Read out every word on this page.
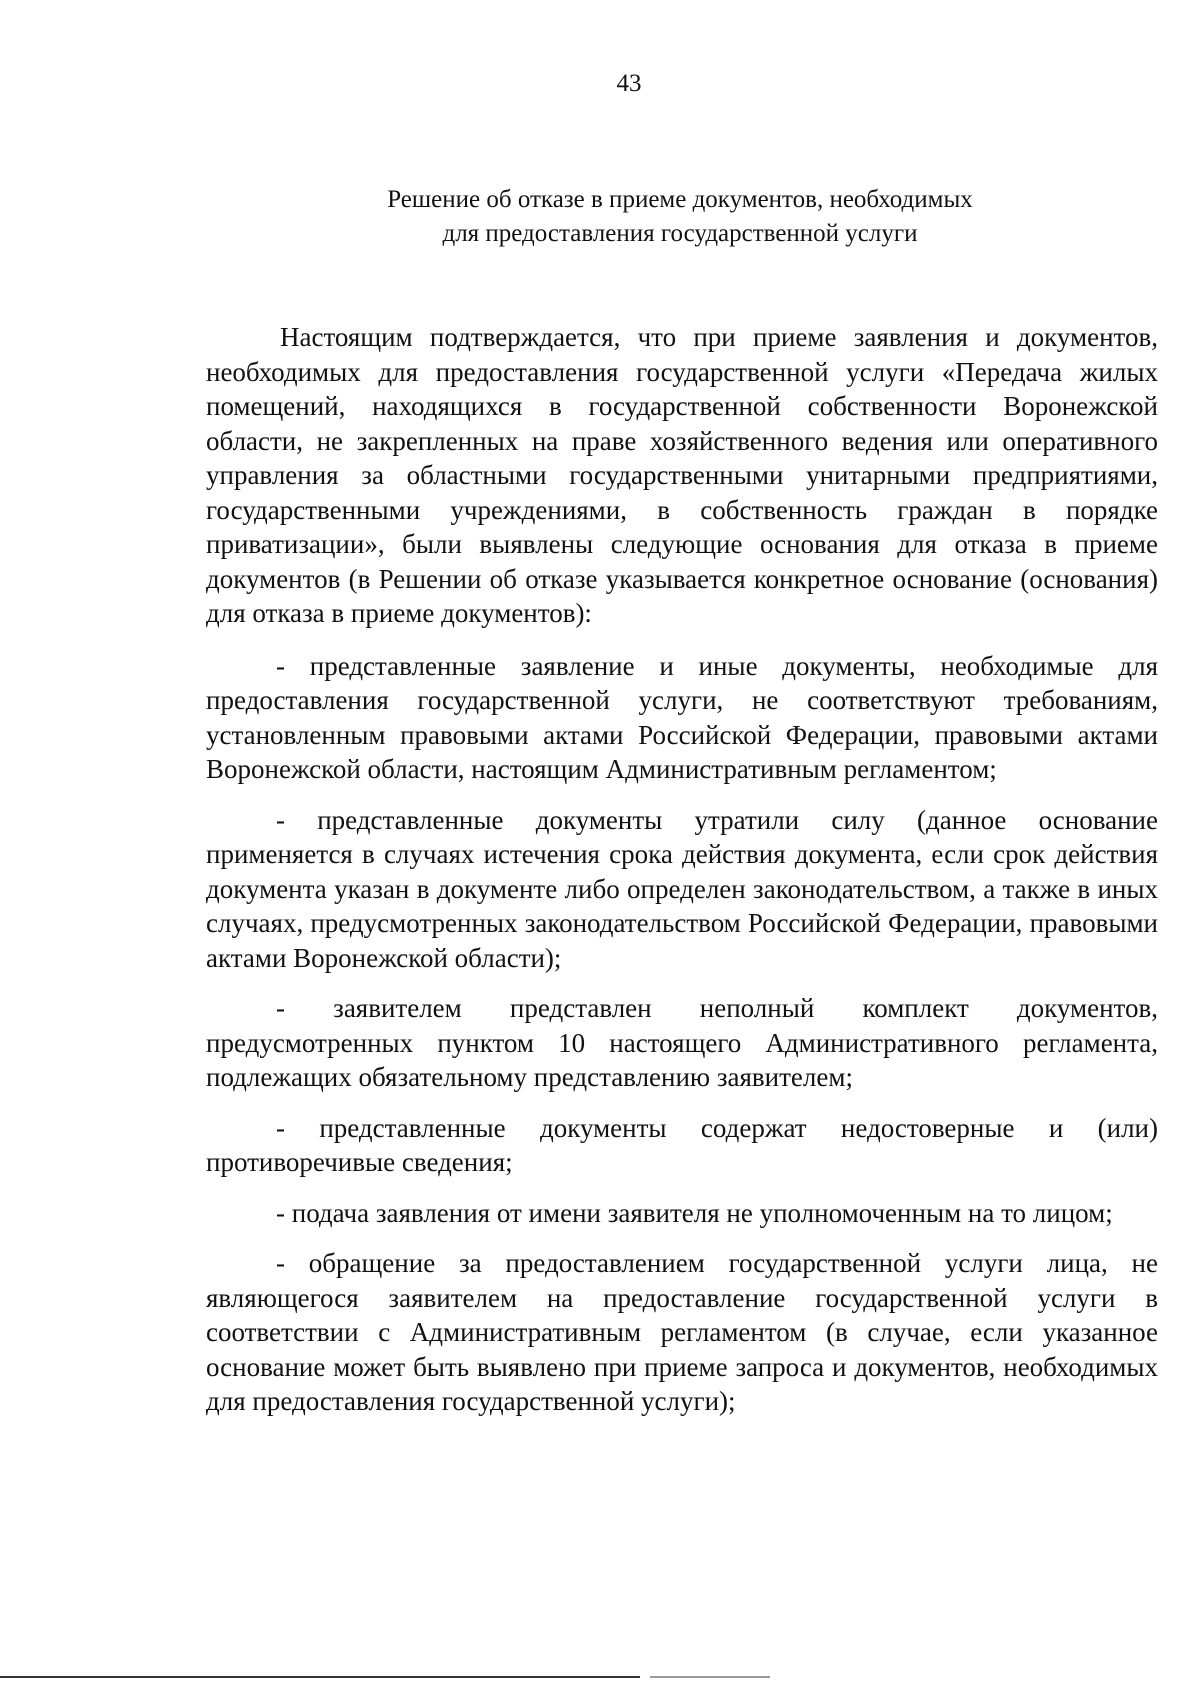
43
Решение об отказе в приеме документов, необходимых
для предоставления государственной услуги

Настоящим подтверждается, что при приеме заявления и документов, необходимых для предоставления государственной услуги «Передача жилых помещений, находящихся в государственной собственности Воронежской области, не закрепленных на праве хозяйственного ведения или оперативного управления за областными государственными унитарными предприятиями, государственными учреждениями, в собственность граждан в порядке приватизации», были выявлены следующие основания для отказа в приеме документов (в Решении об отказе указывается конкретное основание (основания) для отказа в приеме документов):

- представленные заявление и иные документы, необходимые для предоставления государственной услуги, не соответствуют требованиям, установленным правовыми актами Российской Федерации, правовыми актами Воронежской области, настоящим Административным регламентом;

- представленные документы утратили силу (данное основание применяется в случаях истечения срока действия документа, если срок действия документа указан в документе либо определен законодательством, а также в иных случаях, предусмотренных законодательством Российской Федерации, правовыми актами Воронежской области);

- заявителем представлен неполный комплект документов, предусмотренных пунктом 10 настоящего Административного регламента, подлежащих обязательному представлению заявителем;

- представленные документы содержат недостоверные и (или) противоречивые сведения;

- подача заявления от имени заявителя не уполномоченным на то лицом;

- обращение за предоставлением государственной услуги лица, не являющегося заявителем на предоставление государственной услуги в соответствии с Административным регламентом (в случае, если указанное основание может быть выявлено при приеме запроса и документов, необходимых для предоставления государственной услуги);
